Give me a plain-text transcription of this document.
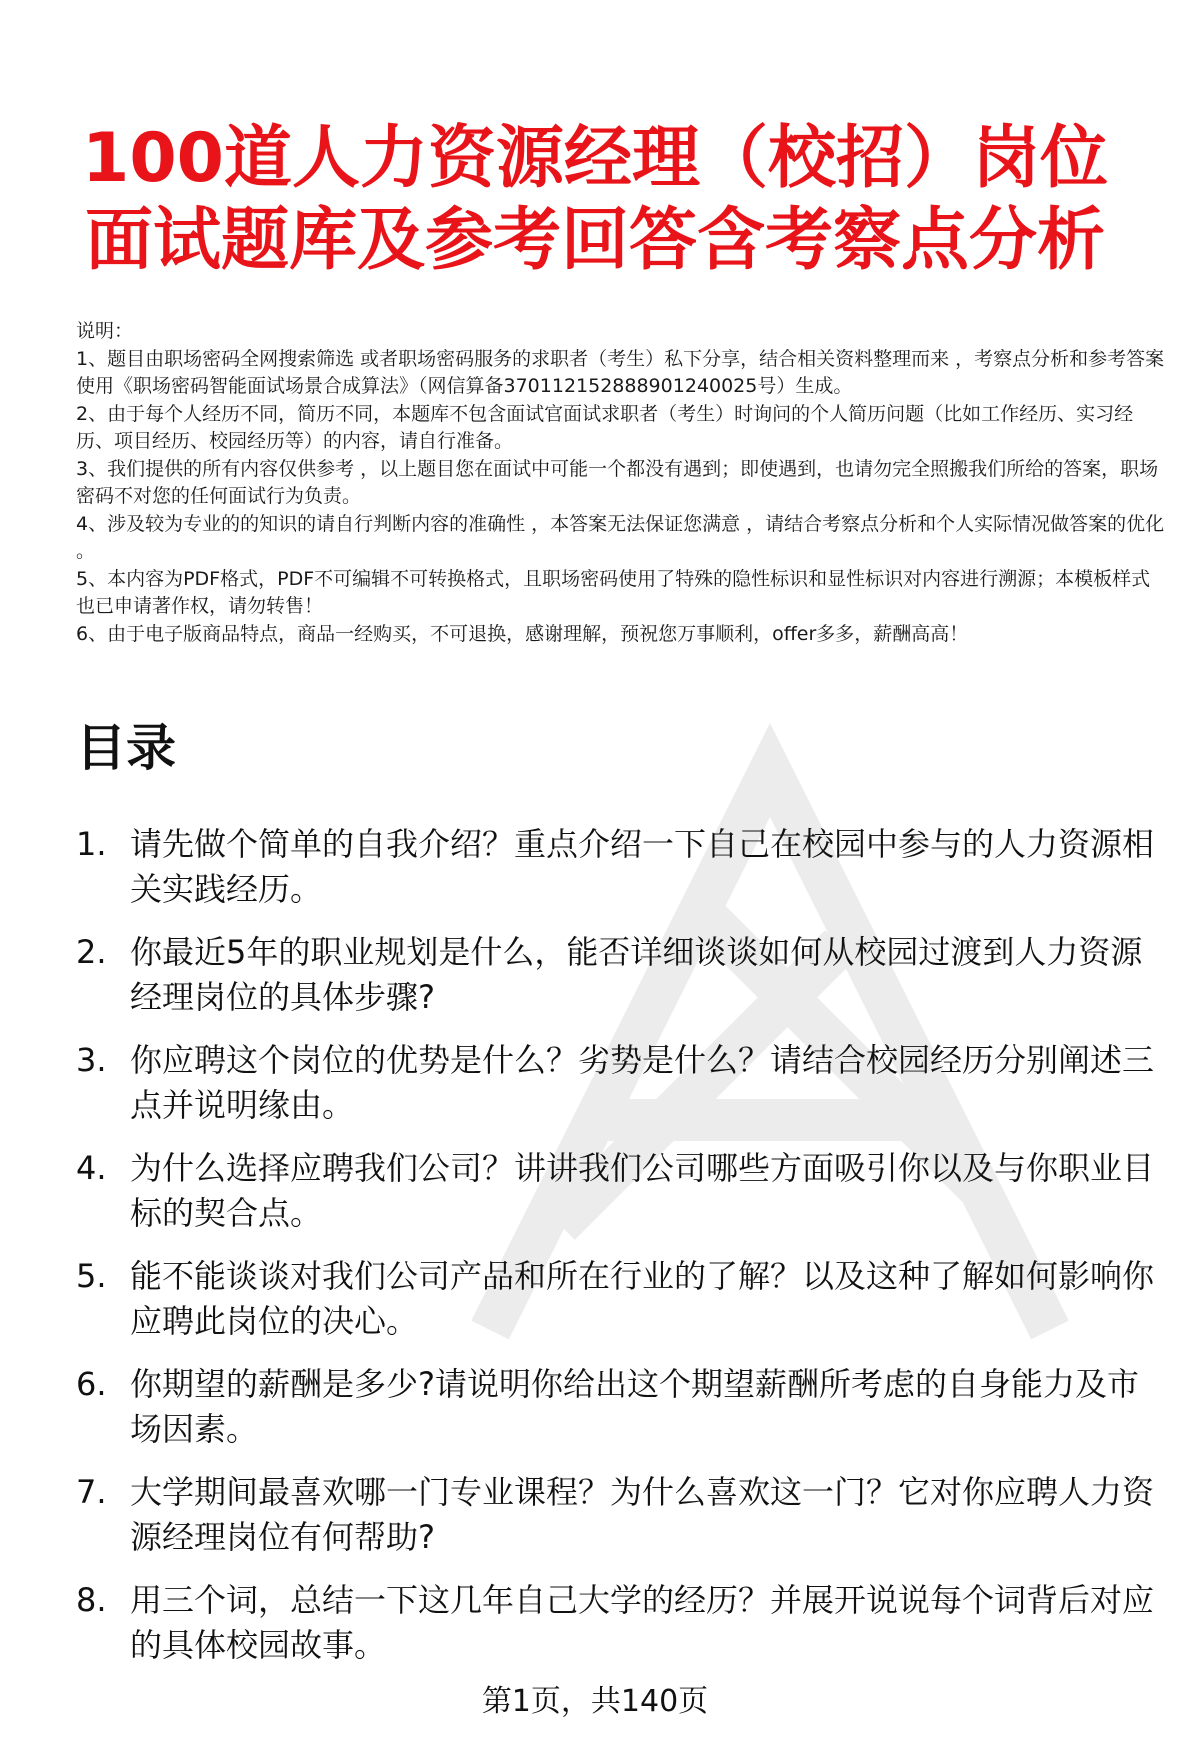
100道人力资源经理（校招）岗位面试题库及参考回答含考察点分析

说明：

1、题目由职场密码全网搜索筛选 或者职场密码服务的求职者（考生）私下分享，结合相关资料整理而来 ，考察点分析和参考答案使用《职场密码智能面试场景合成算法》（网信算备370112152888901240025号）生成。

2、由于每个人经历不同，简历不同，本题库不包含面试官面试求职者（考生）时询问的个人简历问题（比如工作经历、实习经历、项目经历、校园经历等）的内容，请自行准备。

3、我们提供的所有内容仅供参考 ，以上题目您在面试中可能一个都没有遇到；即使遇到，也请勿完全照搬我们所给的答案，职场密码不对您的任何面试行为负责。

4、涉及较为专业的的知识的请自行判断内容的准确性 ，本答案无法保证您满意 ，请结合考察点分析和个人实际情况做答案的优化 。

5、本内容为PDF格式，PDF不可编辑不可转换格式，且职场密码使用了特殊的隐性标识和显性标识对内容进行溯源；本模板样式也已申请著作权，请勿转售！

6、由于电子版商品特点，商品一经购买，不可退换，感谢理解，预祝您万事顺利，offer多多，薪酬高高！

目录
1. 请先做个简单的自我介绍？重点介绍一下自己在校园中参与的人力资源相关实践经历。
2. 你最近5年的职业规划是什么，能否详细谈谈如何从校园过渡到人力资源经理岗位的具体步骤?
3. 你应聘这个岗位的优势是什么？劣势是什么？请结合校园经历分别阐述三点并说明缘由。
4. 为什么选择应聘我们公司？讲讲我们公司哪些方面吸引你以及与你职业目标的契合点。
5. 能不能谈谈对我们公司产品和所在行业的了解？以及这种了解如何影响你应聘此岗位的决心。
6. 你期望的薪酬是多少?请说明你给出这个期望薪酬所考虑的自身能力及市场因素。
7. 大学期间最喜欢哪一门专业课程？为什么喜欢这一门？它对你应聘人力资源经理岗位有何帮助?
8. 用三个词，总结一下这几年自己大学的经历？并展开说说每个词背后对应的具体校园故事。
第1页，共140页
